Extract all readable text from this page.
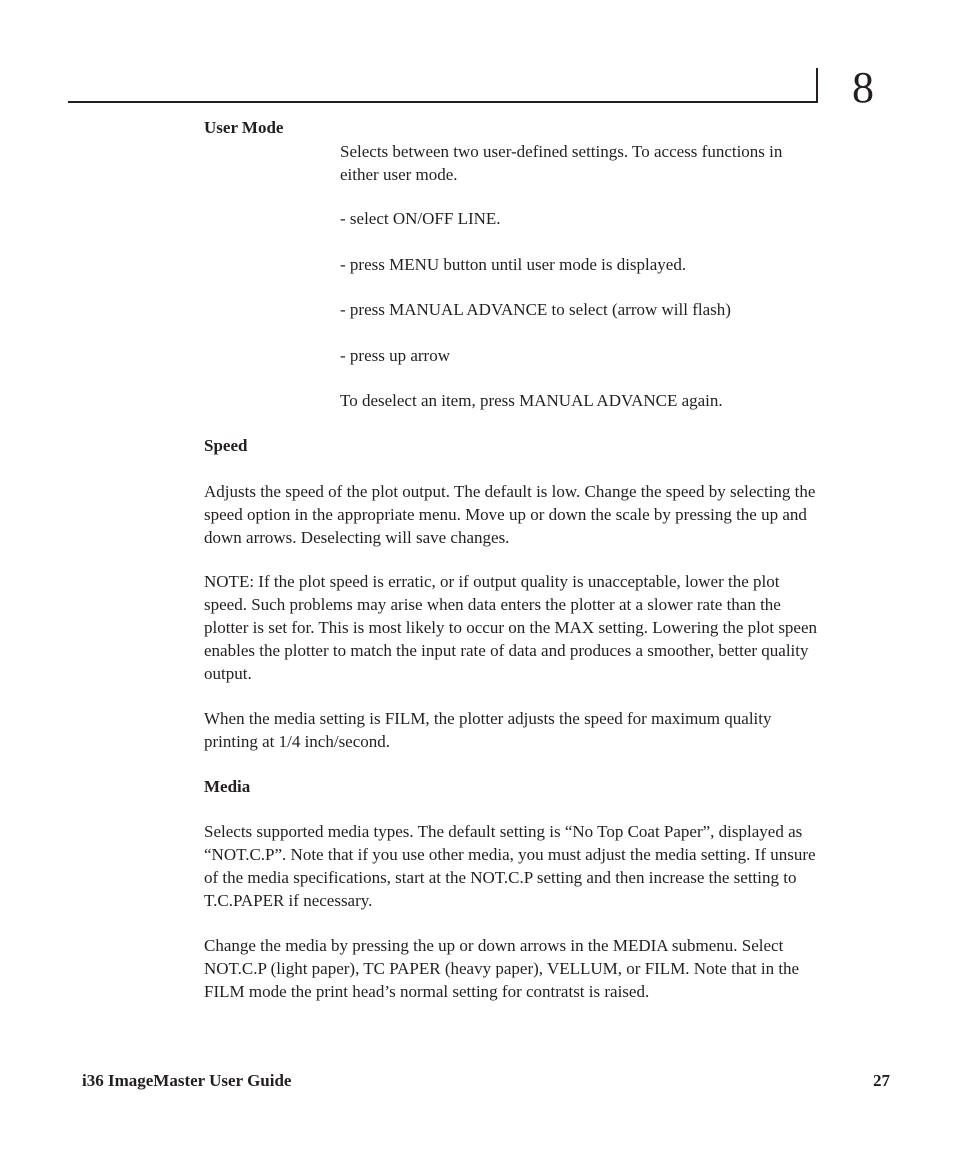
8
User Mode

Selects between two user-defined settings. To access functions in either user mode.

- select ON/OFF LINE.

- press MENU button until user mode is displayed.

- press MANUAL ADVANCE to select (arrow will flash)

- press up arrow

To deselect an item, press MANUAL ADVANCE again.

Speed

Adjusts the speed of the plot output. The default is low. Change the speed by selecting the speed option in the appropriate menu. Move up or down the scale by pressing the up and down arrows. Deselecting will save changes.

NOTE: If the plot speed is erratic, or if output quality is unacceptable, lower the plot speed. Such problems may arise when data enters the plotter at a slower rate than the plotter is set for. This is most likely to occur on the MAX setting. Lowering the plot speen enables the plotter to match the input rate of data and produces a smoother, better quality output.

When the media setting is FILM, the plotter adjusts the speed for maximum quality printing at 1/4 inch/second.

Media

Selects supported media types. The default setting is “No Top Coat Paper”, displayed as “NOT.C.P”. Note that if you use other media, you must adjust the media setting. If unsure of the media specifications, start at the NOT.C.P setting and then increase the setting to T.C.PAPER if necessary.

Change the media by pressing the up or down arrows in the MEDIA submenu. Select NOT.C.P (light paper), TC PAPER (heavy paper), VELLUM, or FILM. Note that in the FILM mode the print head’s normal setting for contratst is raised.

i36 ImageMaster User Guide	27
